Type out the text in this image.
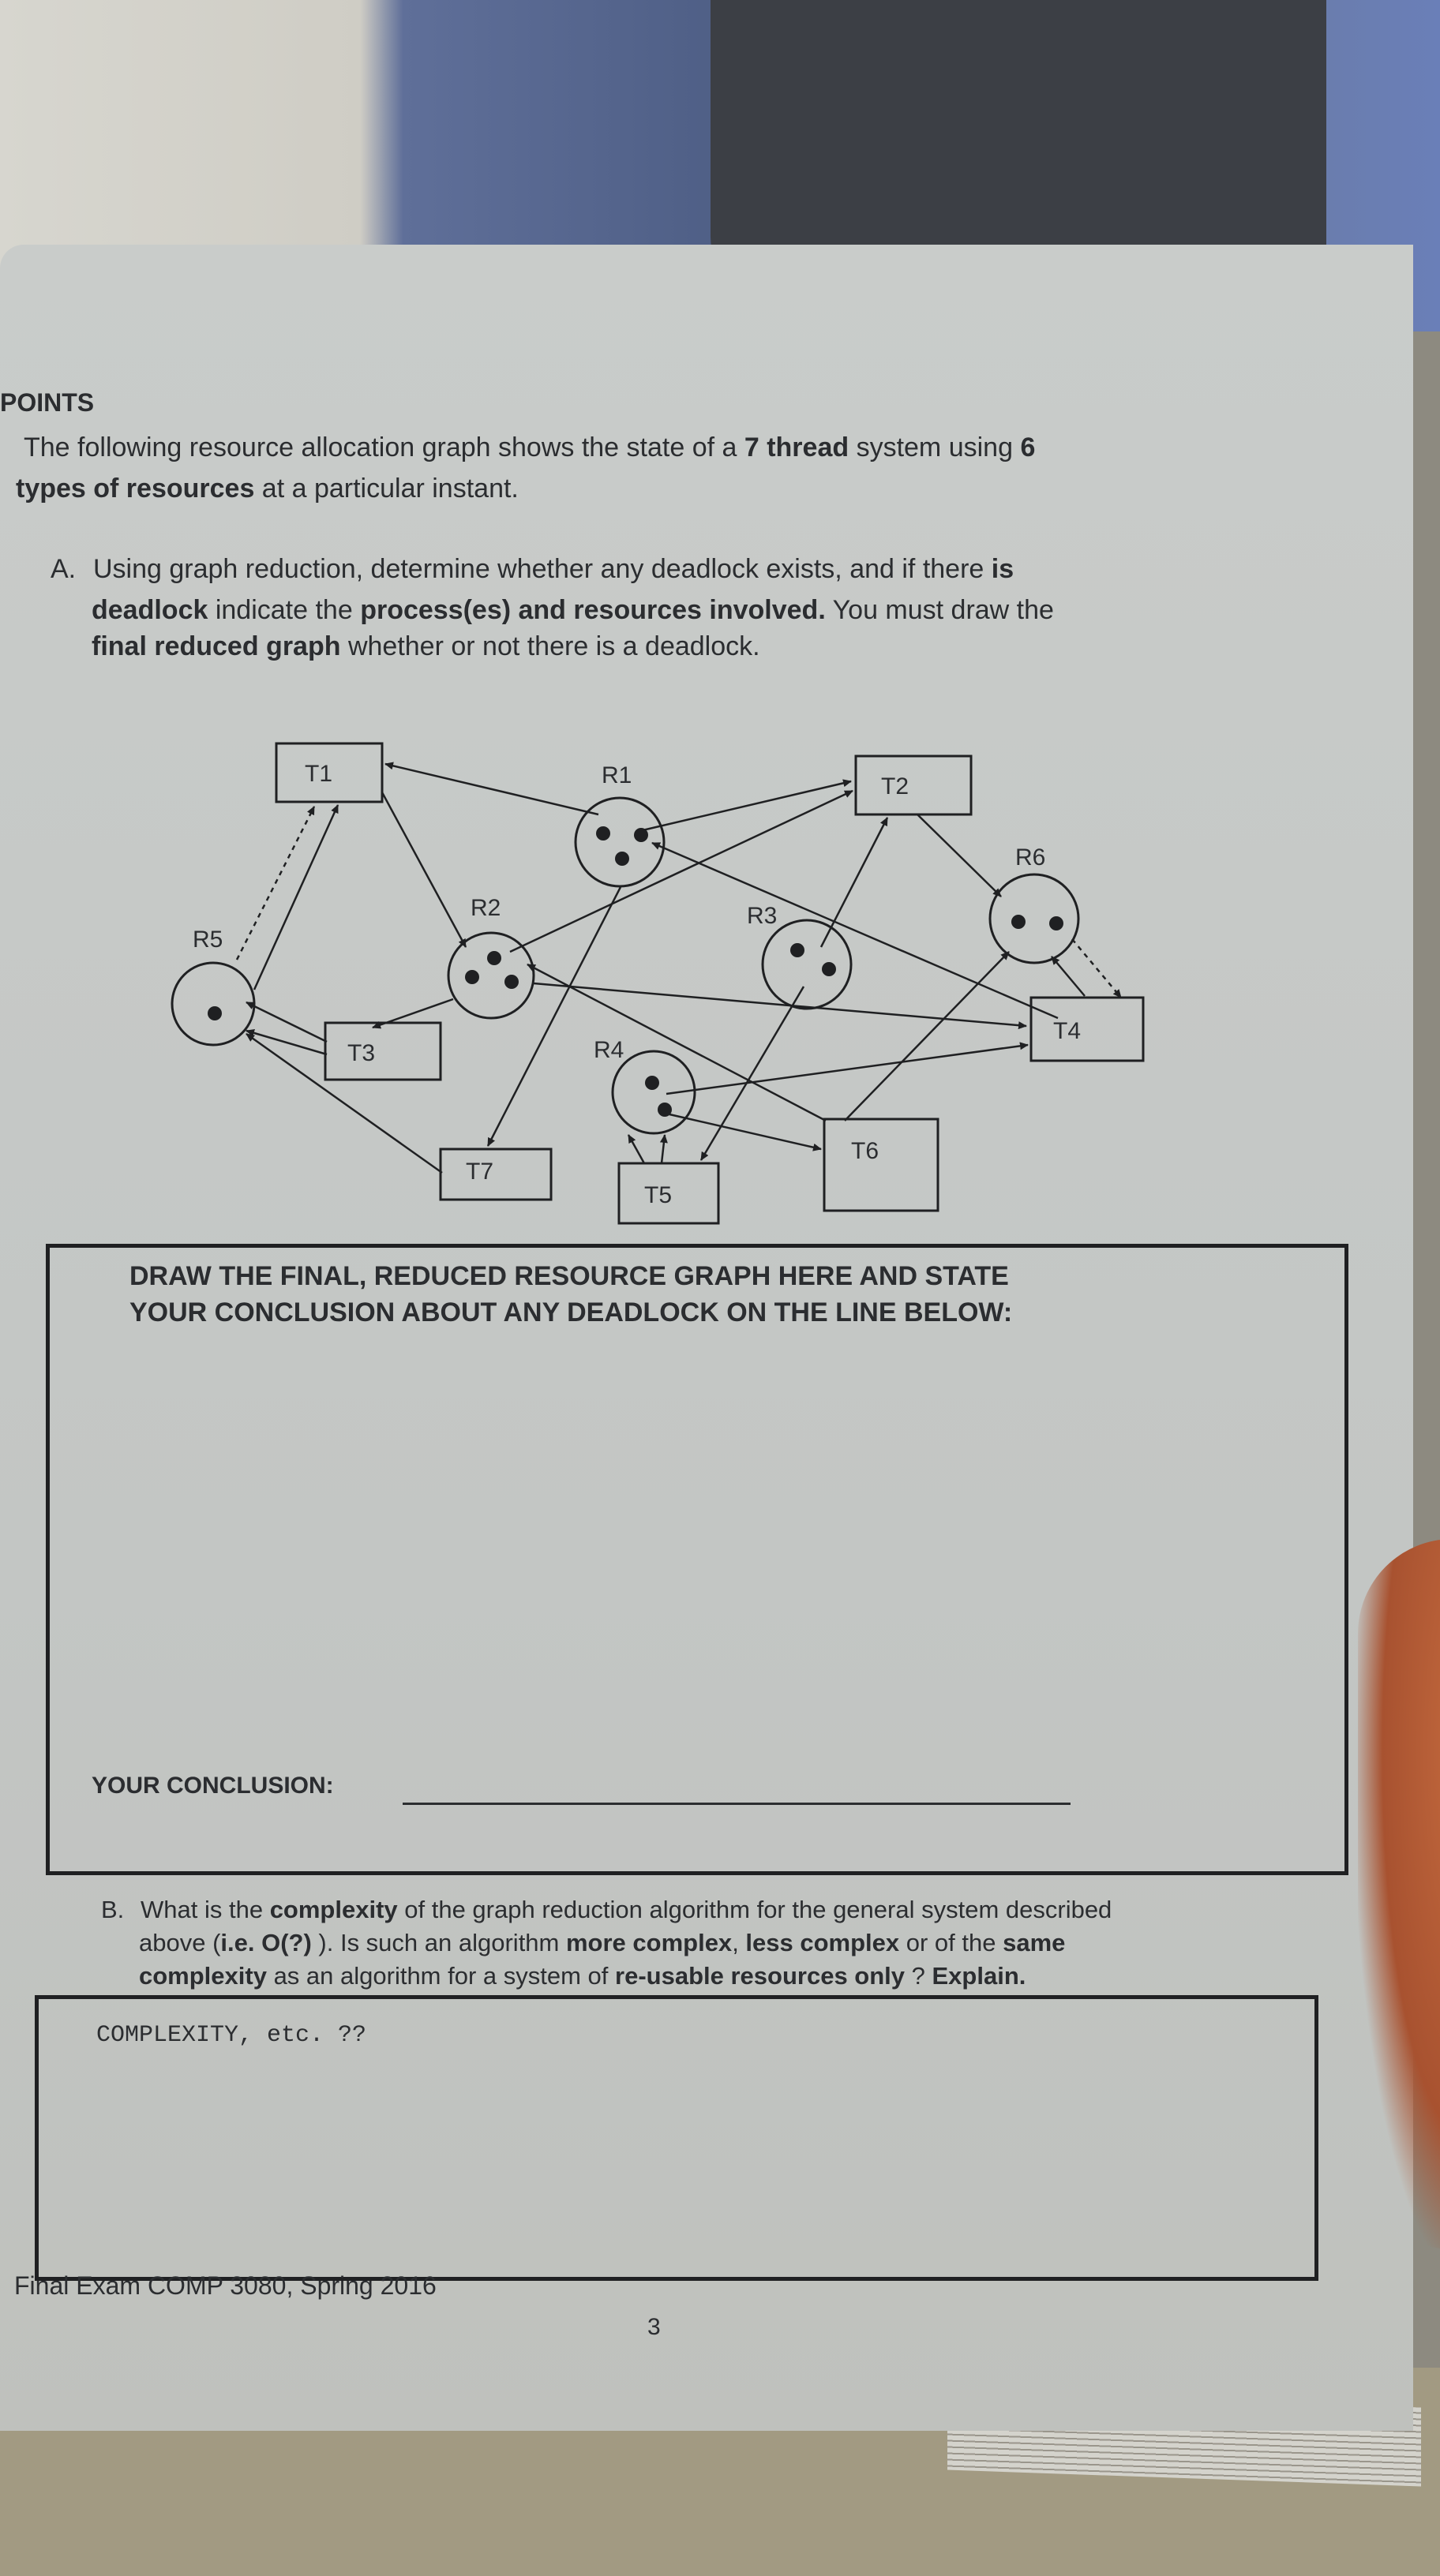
POINTS
The following resource allocation graph shows the state of a 7 thread system using 6
types of resources at a particular instant.
A. Using graph reduction, determine whether any deadlock exists, and if there is
deadlock indicate the process(es) and resources involved. You must draw the
final reduced graph whether or not there is a deadlock.
T1	T2
T3
T4
T5
T6
T7
R1
R2	R3
R4
R5
R6
DRAW THE FINAL, REDUCED RESOURCE GRAPH HERE AND STATE
YOUR CONCLUSION ABOUT ANY DEADLOCK ON THE LINE BELOW:
YOUR CONCLUSION:
B. What is the complexity of the graph reduction algorithm for the general system described
above (i.e. O(?) ). Is such an algorithm more complex, less complex or of the same
complexity as an algorithm for a system of re-usable resources only ? Explain.
COMPLEXITY, etc. ??
Final Exam COMP 3080, Spring 2016
3
